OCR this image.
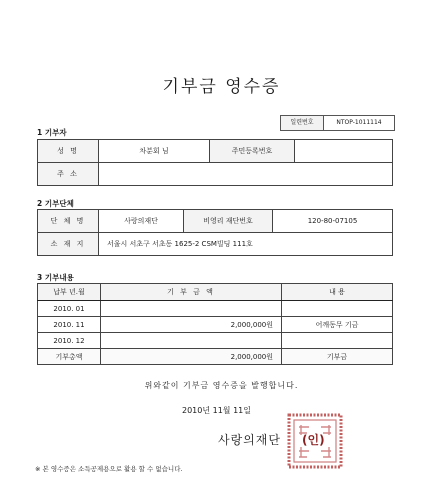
기부금 영수증
일련번호	NTOP-1011114
1 기부자
성 명	차분회 님	주민등록번호	
주 소			
2 기부단체
단 체 명	사랑의재단	비영리 재단번호	120-80-07105
소 재 지	서울시 서초구 서초동 1625-2 CSM빌딩 111호		
3 기부내용
납부 년.월	기 부 금 액	내 용
2010. 01		
2010. 11	2,000,000원	어깨동무 기금
2010. 12		
기부총액	2,000,000원	기부금
위와같이 기부금 영수증을 발행합니다.
2010년 11월 11일
사랑의재단 (인)
※ 본 영수증은 소득공제용으로 활용 할 수 없습니다.
